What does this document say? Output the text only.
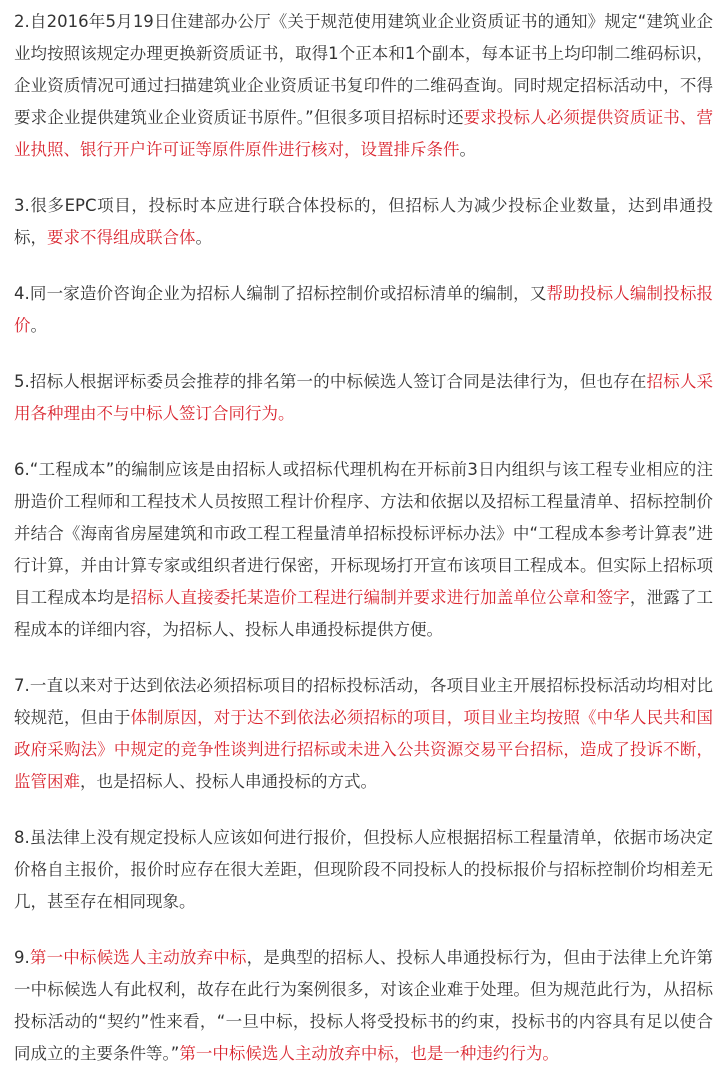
2.自2016年5月19日住建部办公厅《关于规范使用建筑业企业资质证书的通知》规定“建筑业企业均按照该规定办理更换新资质证书，取得1个正本和1个副本，每本证书上均印制二维码标识，企业资质情况可通过扫描建筑业企业资质证书复印件的二维码查询。同时规定招标活动中，不得要求企业提供建筑业企业资质证书原件。”但很多项目招标时还要求投标人必须提供资质证书、营业执照、银行开户许可证等原件原件进行核对，设置排斥条件。

3.很多EPC项目，投标时本应进行联合体投标的，但招标人为减少投标企业数量，达到串通投标，要求不得组成联合体。

4.同一家造价咨询企业为招标人编制了招标控制价或招标清单的编制，又帮助投标人编制投标报价。

5.招标人根据评标委员会推荐的排名第一的中标候选人签订合同是法律行为，但也存在招标人采用各种理由不与中标人签订合同行为。

6.“工程成本”的编制应该是由招标人或招标代理机构在开标前3日内组织与该工程专业相应的注册造价工程师和工程技术人员按照工程计价程序、方法和依据以及招标工程量清单、招标控制价并结合《海南省房屋建筑和市政工程工程量清单招标投标评标办法》中“工程成本参考计算表”进行计算，并由计算专家或组织者进行保密，开标现场打开宣布该项目工程成本。但实际上招标项目工程成本均是招标人直接委托某造价工程进行编制并要求进行加盖单位公章和签字，泄露了工程成本的详细内容，为招标人、投标人串通投标提供方便。

7.一直以来对于达到依法必须招标项目的招标投标活动，各项目业主开展招标投标活动均相对比较规范，但由于体制原因，对于达不到依法必须招标的项目，项目业主均按照《中华人民共和国政府采购法》中规定的竞争性谈判进行招标或未进入公共资源交易平台招标，造成了投诉不断，监管困难，也是招标人、投标人串通投标的方式。

8.虽法律上没有规定投标人应该如何进行报价，但投标人应根据招标工程量清单，依据市场决定价格自主报价，报价时应存在很大差距，但现阶段不同投标人的投标报价与招标控制价均相差无几，甚至存在相同现象。

9.第一中标候选人主动放弃中标，是典型的招标人、投标人串通投标行为，但由于法律上允许第一中标候选人有此权利，故存在此行为案例很多，对该企业难于处理。但为规范此行为，从招标投标活动的“契约”性来看，“一旦中标，投标人将受投标书的约束，投标书的内容具有足以使合同成立的主要条件等。”第一中标候选人主动放弃中标，也是一种违约行为。
